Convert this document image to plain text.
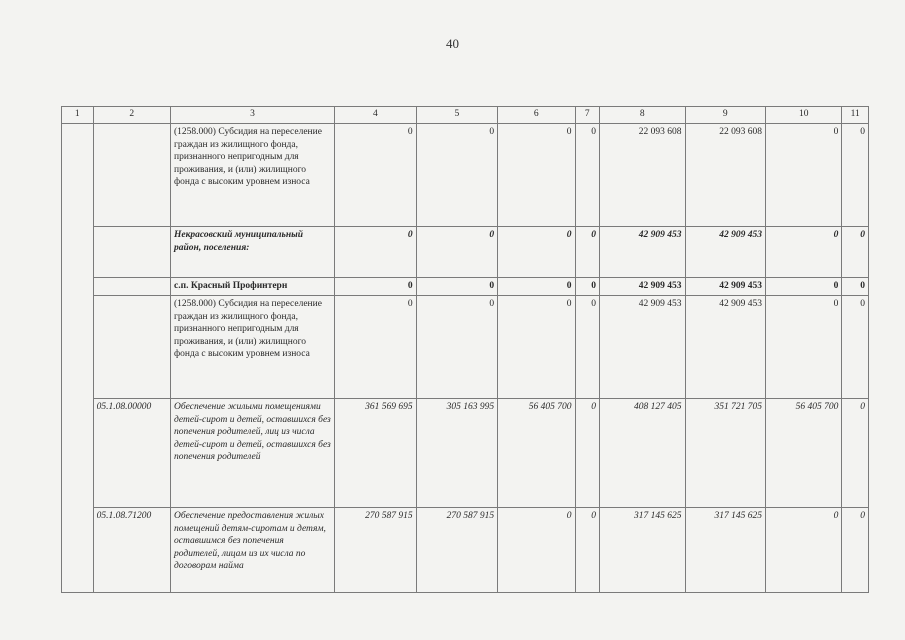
40
1	2	3	4	5	6	7	8	9	10	11
		(1258.000) Субсидия на переселение граждан из жилищного фонда, признанного непригодным для проживания, и (или) жилищного фонда с высоким уровнем износа	0	0	0	0	22 093 608	22 093 608	0	0
		Некрасовский муниципальный район, поселения:	0	0	0	0	42 909 453	42 909 453	0	0
		с.п. Красный Профинтерн	0	0	0	0	42 909 453	42 909 453	0	0
		(1258.000) Субсидия на переселение граждан из жилищного фонда, признанного непригодным для проживания, и (или) жилищного фонда с высоким уровнем износа	0	0	0	0	42 909 453	42 909 453	0	0
	05.1.08.00000	Обеспечение жилыми помещениями детей-сирот и детей, оставшихся без попечения родителей, лиц из числа детей-сирот и детей, оставшихся без попечения родителей	361 569 695	305 163 995	56 405 700	0	408 127 405	351 721 705	56 405 700	0
	05.1.08.71200	Обеспечение предоставления жилых помещений детям-сиротам и детям, оставшимся без попечения родителей, лицам из их числа по договорам найма	270 587 915	270 587 915	0	0	317 145 625	317 145 625	0	0
